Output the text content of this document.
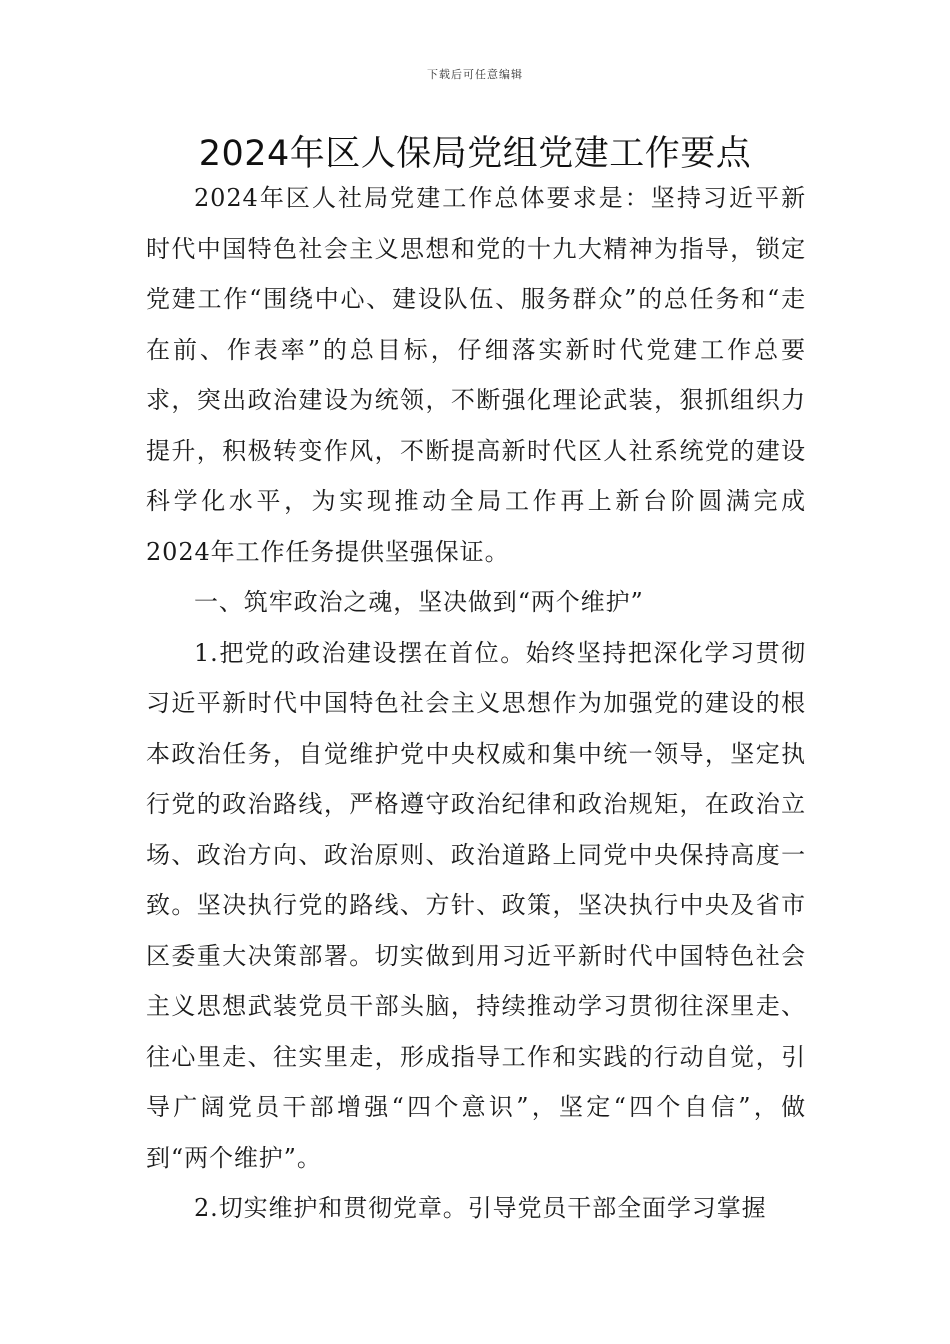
下载后可任意编辑
2024年区人保局党组党建工作要点

2024年区人社局党建工作总体要求是：坚持习近平新时代中国特色社会主义思想和党的十九大精神为指导，锁定党建工作“围绕中心、建设队伍、服务群众”的总任务和“走在前、作表率”的总目标，仔细落实新时代党建工作总要求，突出政治建设为统领，不断强化理论武装，狠抓组织力提升，积极转变作风，不断提高新时代区人社系统党的建设科学化水平，为实现推动全局工作再上新台阶圆满完成2024年工作任务提供坚强保证。

一、筑牢政治之魂，坚决做到“两个维护”

1.把党的政治建设摆在首位。始终坚持把深化学习贯彻习近平新时代中国特色社会主义思想作为加强党的建设的根本政治任务，自觉维护党中央权威和集中统一领导，坚定执行党的政治路线，严格遵守政治纪律和政治规矩，在政治立场、政治方向、政治原则、政治道路上同党中央保持高度一致。坚决执行党的路线、方针、政策，坚决执行中央及省市区委重大决策部署。切实做到用习近平新时代中国特色社会主义思想武装党员干部头脑，持续推动学习贯彻往深里走、往心里走、往实里走，形成指导工作和实践的行动自觉，引导广阔党员干部增强“四个意识”，坚定“四个自信”，做到“两个维护”。

2.切实维护和贯彻党章。引导党员干部全面学习掌握
